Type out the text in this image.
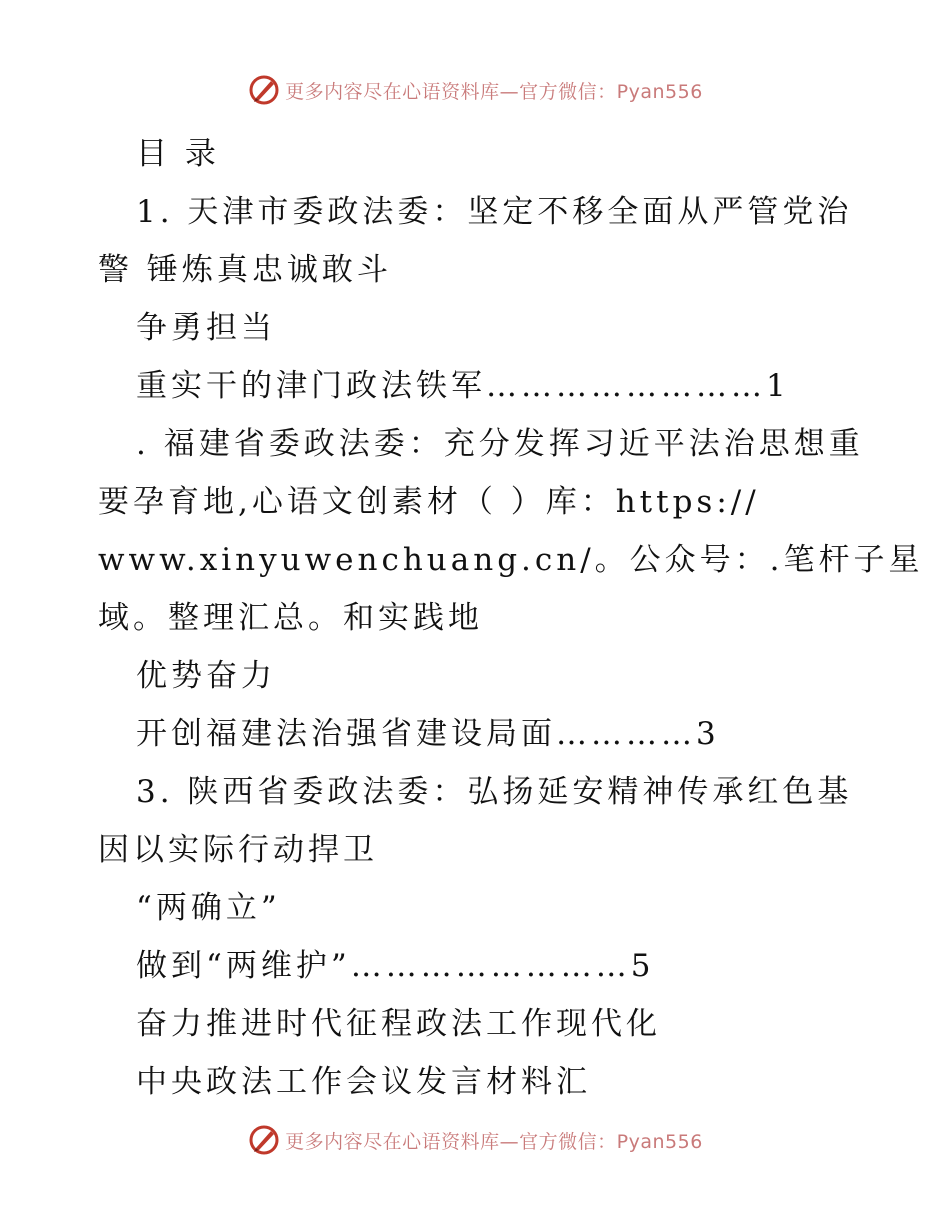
更多内容尽在心语资料库—官方微信：Pyan556
目 录
1. 天津市委政法委：坚定不移全面从严管党治
警 锤炼真忠诚敢斗
争勇担当
重实干的津门政法铁军……………………1
. 福建省委政法委：充分发挥习近平法治思想重
要孕育地,心语文创素材（ ）库：https://
www.xinyuwenchuang.cn/。公众号：.笔杆子星
域。整理汇总。和实践地
优势奋力
开创福建法治强省建设局面…………3
3. 陕西省委政法委：弘扬延安精神传承红色基
因以实际行动捍卫
“两确立”
做到“两维护”……………………5
奋力推进时代征程政法工作现代化
中央政法工作会议发言材料汇
更多内容尽在心语资料库—官方微信：Pyan556
